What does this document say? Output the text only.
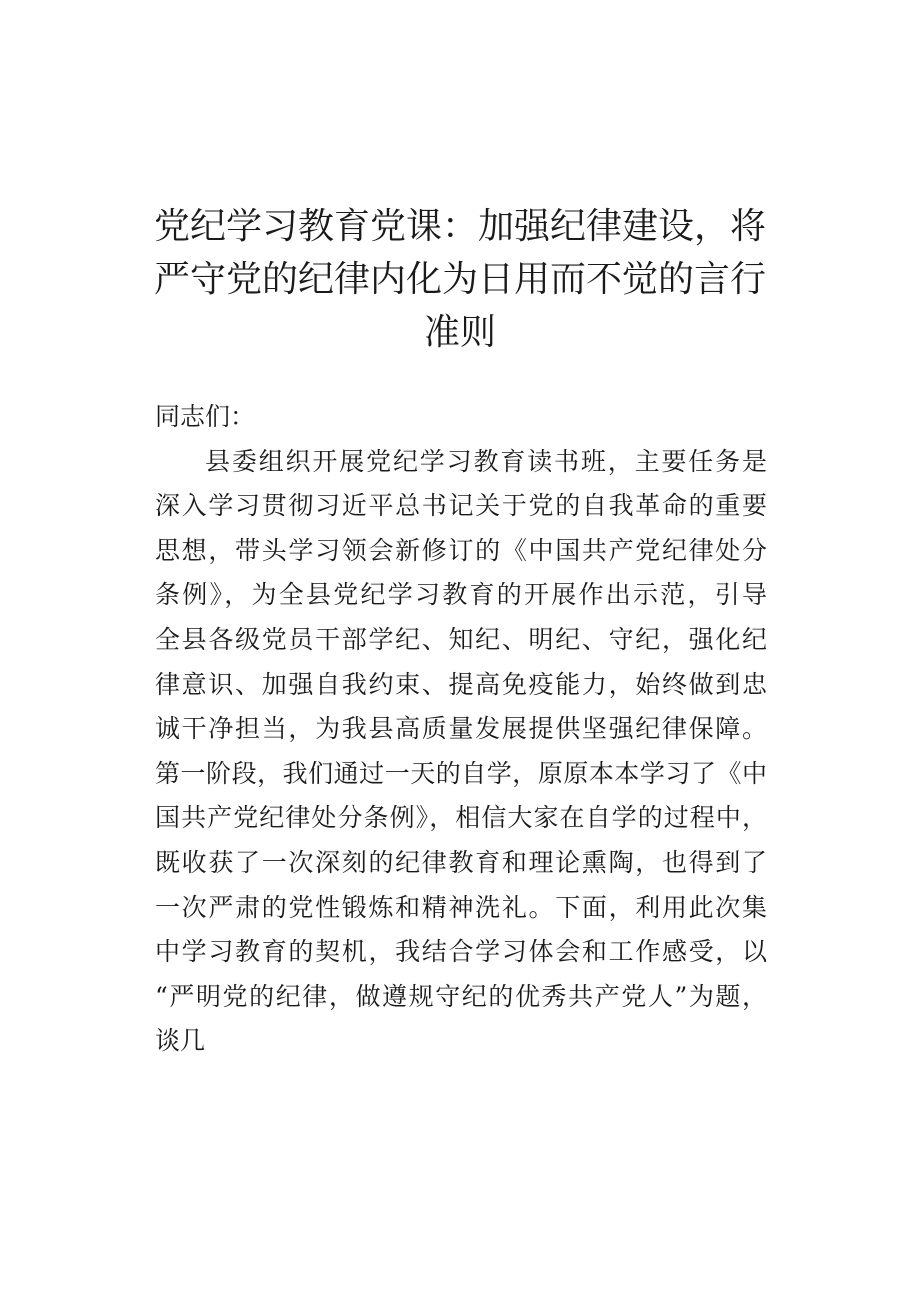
党纪学习教育党课：加强纪律建设，将
严守党的纪律内化为日用而不觉的言行
准则
同志们：
县委组织开展党纪学习教育读书班，主要任务是
深入学习贯彻习近平总书记关于党的自我革命的重要
思想，带头学习领会新修订的《中国共产党纪律处分
条例》，为全县党纪学习教育的开展作出示范，引导
全县各级党员干部学纪、知纪、明纪、守纪，强化纪
律意识、加强自我约束、提高免疫能力，始终做到忠
诚干净担当，为我县高质量发展提供坚强纪律保障。
第一阶段，我们通过一天的自学，原原本本学习了《中
国共产党纪律处分条例》，相信大家在自学的过程中，
既收获了一次深刻的纪律教育和理论熏陶，也得到了
一次严肃的党性锻炼和精神洗礼。下面，利用此次集
中学习教育的契机，我结合学习体会和工作感受，以
“严明党的纪律，做遵规守纪的优秀共产党人”为题，
谈几
